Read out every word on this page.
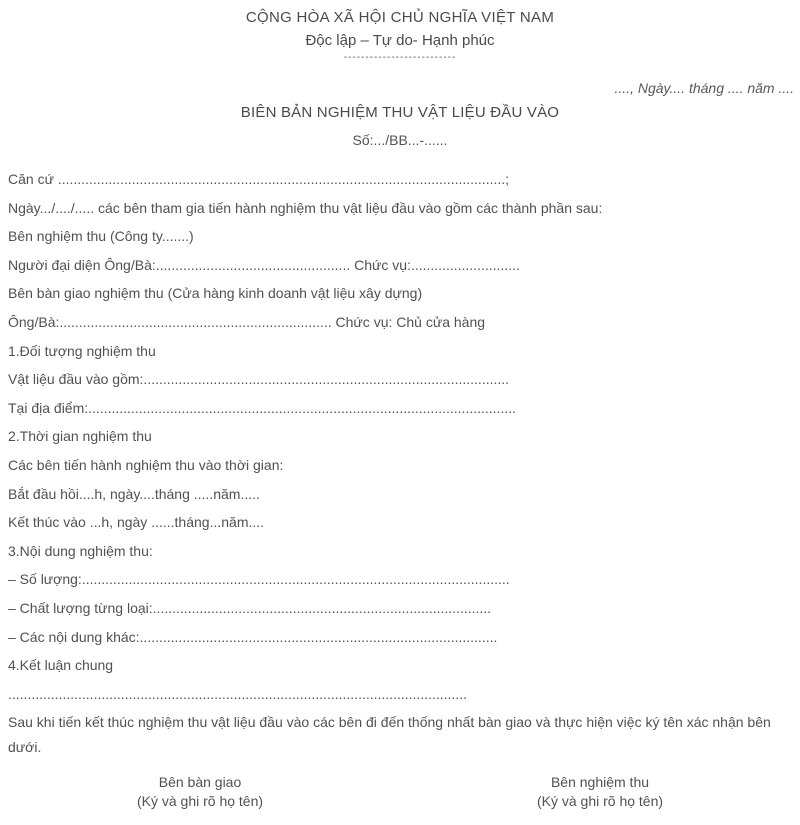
CỘNG HÒA XÃ HỘI CHỦ NGHĨA VIỆT NAM
Độc lập – Tự do- Hạnh phúc
--------------------------
...., Ngày.... tháng .... năm ....
BIÊN BẢN NGHIỆM THU VẬT LIỆU ĐẦU VÀO
Số:.../BB...-......
Căn cứ ...................................................................................................................;
Ngày.../..../..... các bên tham gia tiến hành nghiệm thu vật liệu đầu vào gồm các thành phần sau:
Bên nghiệm thu (Công ty.......)
Người đại diện Ông/Bà:.................................................. Chức vụ:............................
Bên bàn giao nghiệm thu (Cửa hàng kinh doanh vật liệu xây dựng)
Ông/Bà:...................................................................... Chức vụ: Chủ cửa hàng
1.Đối tượng nghiệm thu
Vật liệu đầu vào gồm:..............................................................................................
Tại địa điểm:..............................................................................................................
2.Thời gian nghiệm thu
Các bên tiến hành nghiệm thu vào thời gian:
Bắt đầu hồi....h, ngày....tháng .....năm.....
Kết thúc vào ...h, ngày ......tháng...năm....
3.Nội dung nghiệm thu:
– Số lượng:..............................................................................................................
– Chất lượng từng loại:.......................................................................................
– Các nội dung khác:............................................................................................
4.Kết luận chung
......................................................................................................................
Sau khi tiến kết thúc nghiệm thu vật liệu đầu vào các bên đi đến thống nhất bàn giao và thực hiện việc ký tên xác nhận bên dưới.
Bên bàn giao
(Ký và ghi rõ họ tên)
Bên nghiệm thu
(Ký và ghi rõ họ tên)
